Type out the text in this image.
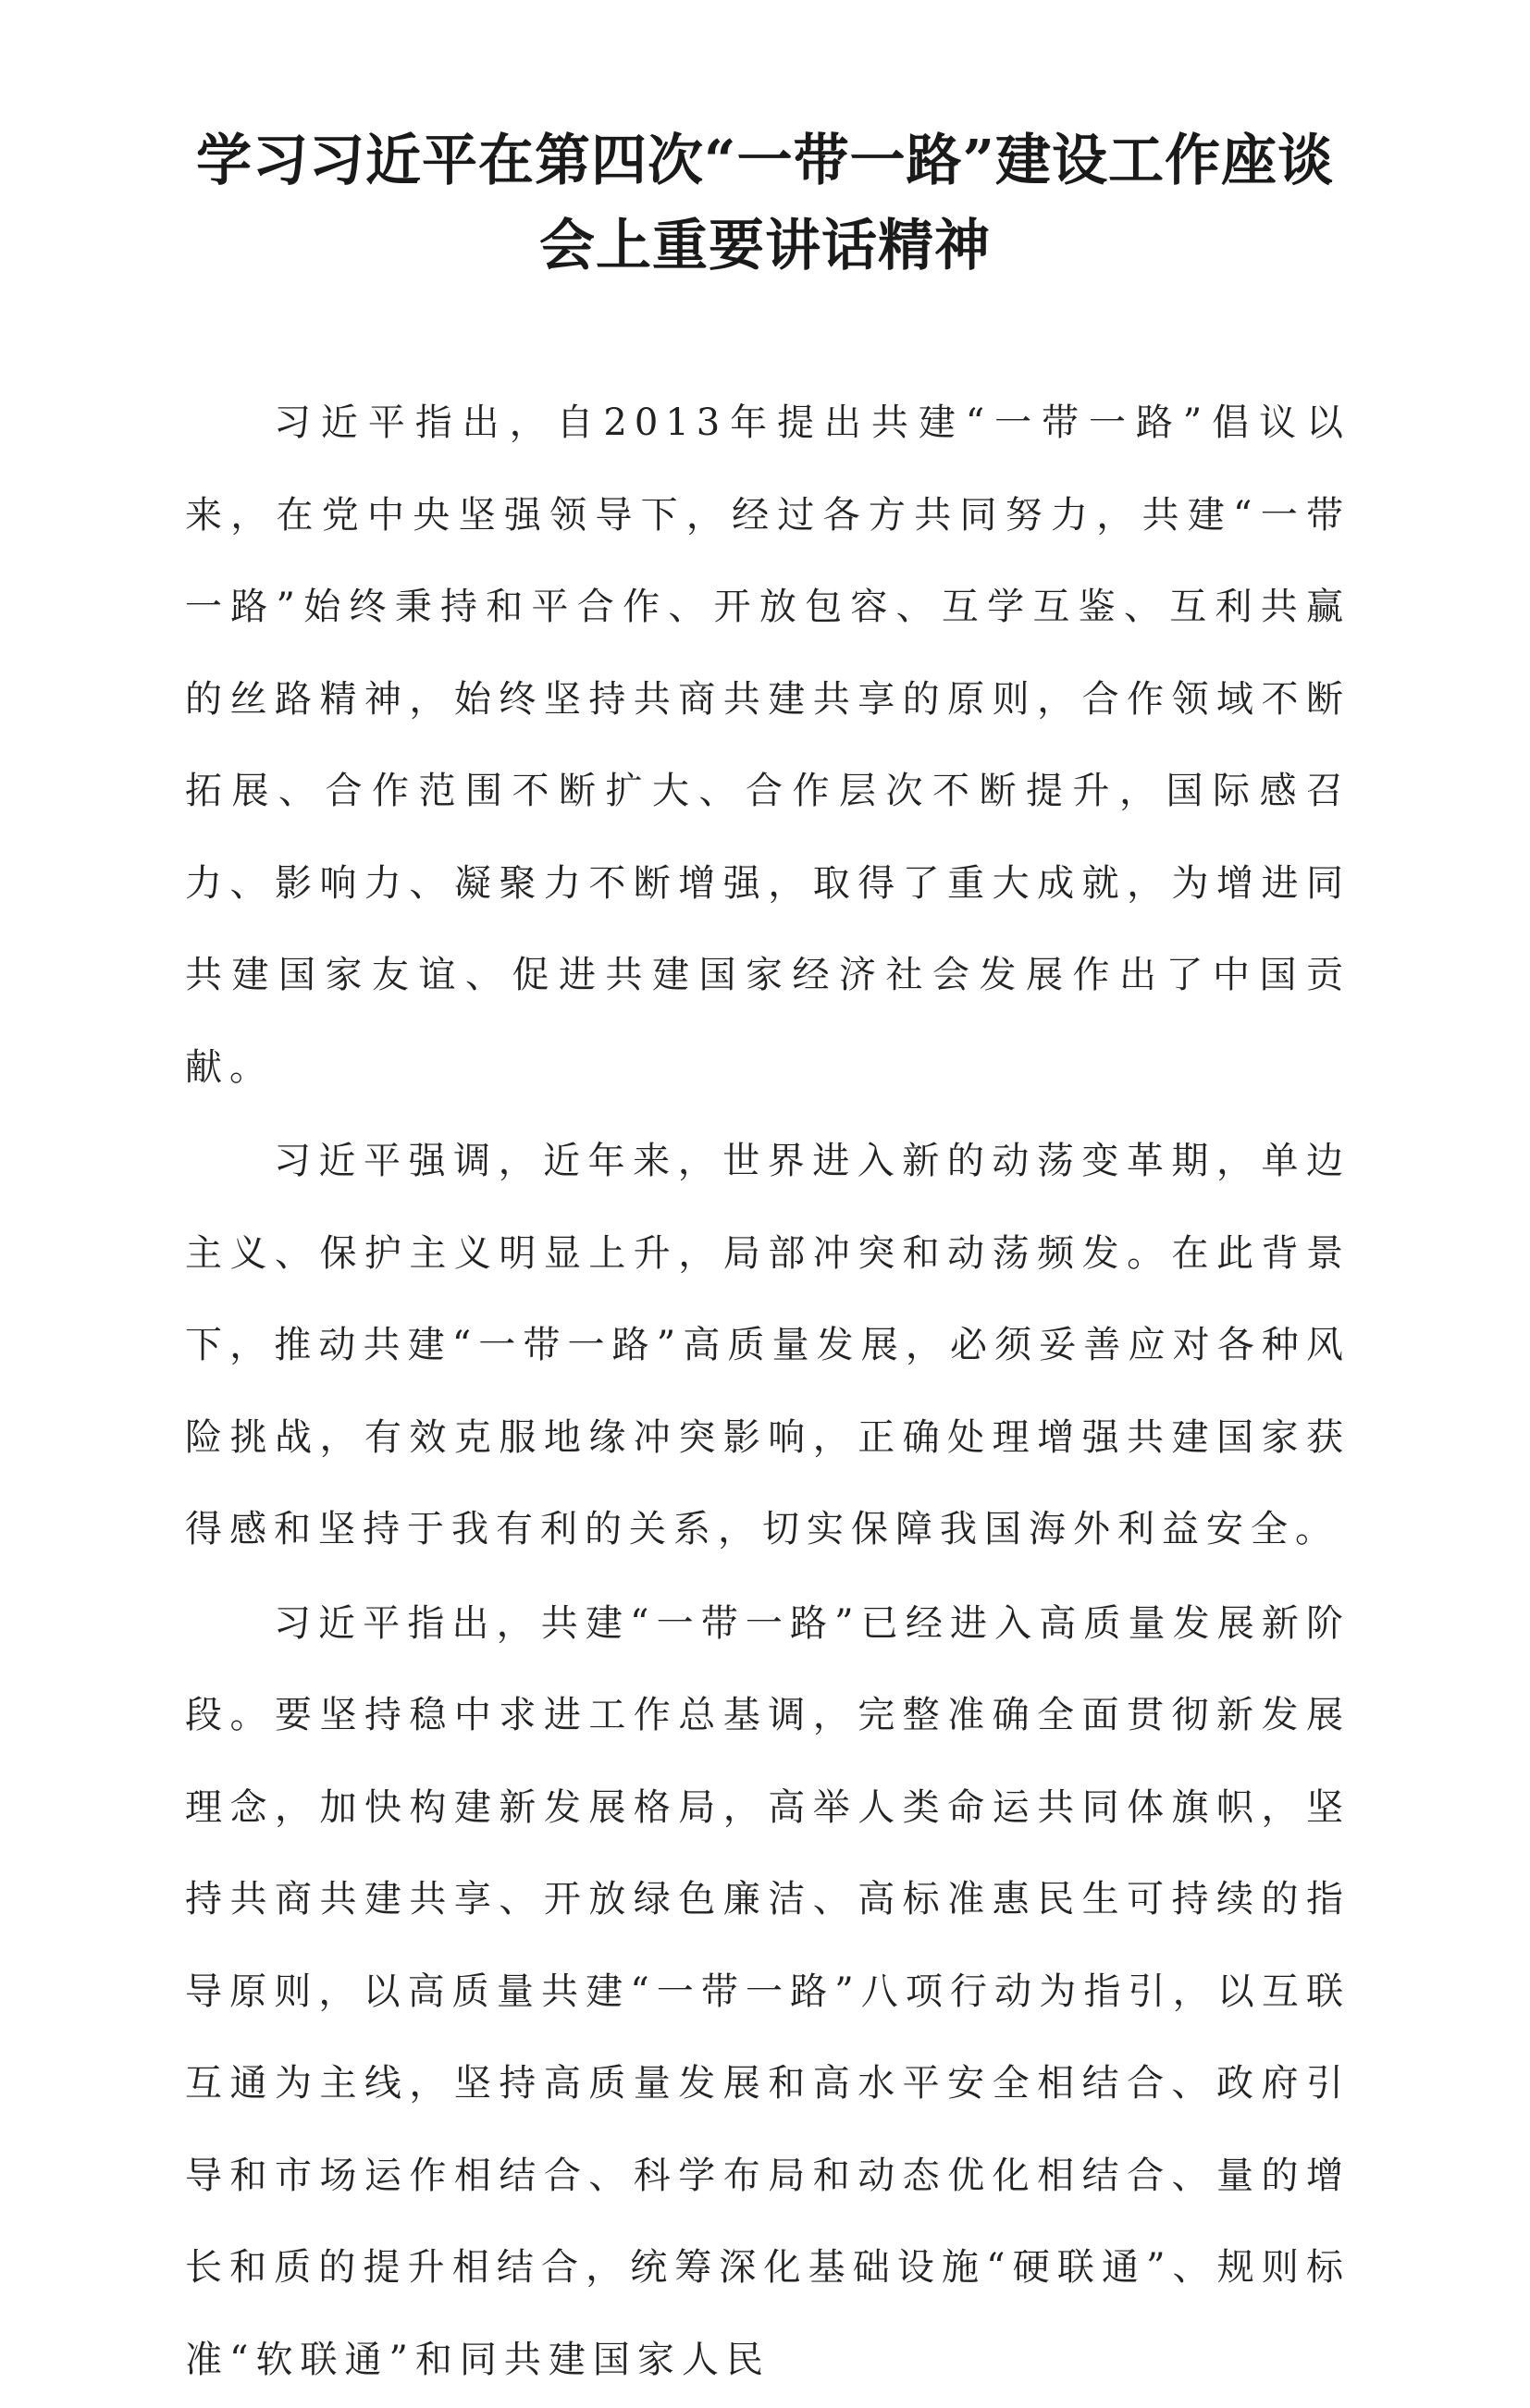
学习习近平在第四次“一带一路”建设工作座谈
会上重要讲话精神

习近平指出，自2013年提出共建“一带一路”倡议以来，在党中央坚强领导下，经过各方共同努力，共建“一带一路”始终秉持和平合作、开放包容、互学互鉴、互利共赢的丝路精神，始终坚持共商共建共享的原则，合作领域不断拓展、合作范围不断扩大、合作层次不断提升，国际感召力、影响力、凝聚力不断增强，取得了重大成就，为增进同共建国家友谊、促进共建国家经济社会发展作出了中国贡献。

习近平强调，近年来，世界进入新的动荡变革期，单边主义、保护主义明显上升，局部冲突和动荡频发。在此背景下，推动共建“一带一路”高质量发展，必须妥善应对各种风险挑战，有效克服地缘冲突影响，正确处理增强共建国家获得感和坚持于我有利的关系，切实保障我国海外利益安全。

习近平指出，共建“一带一路”已经进入高质量发展新阶段。要坚持稳中求进工作总基调，完整准确全面贯彻新发展理念，加快构建新发展格局，高举人类命运共同体旗帜，坚持共商共建共享、开放绿色廉洁、高标准惠民生可持续的指导原则，以高质量共建“一带一路”八项行动为指引，以互联互通为主线，坚持高质量发展和高水平安全相结合、政府引导和市场运作相结合、科学布局和动态优化相结合、量的增长和质的提升相结合，统筹深化基础设施“硬联通”、规则标准“软联通”和同共建国家人民
